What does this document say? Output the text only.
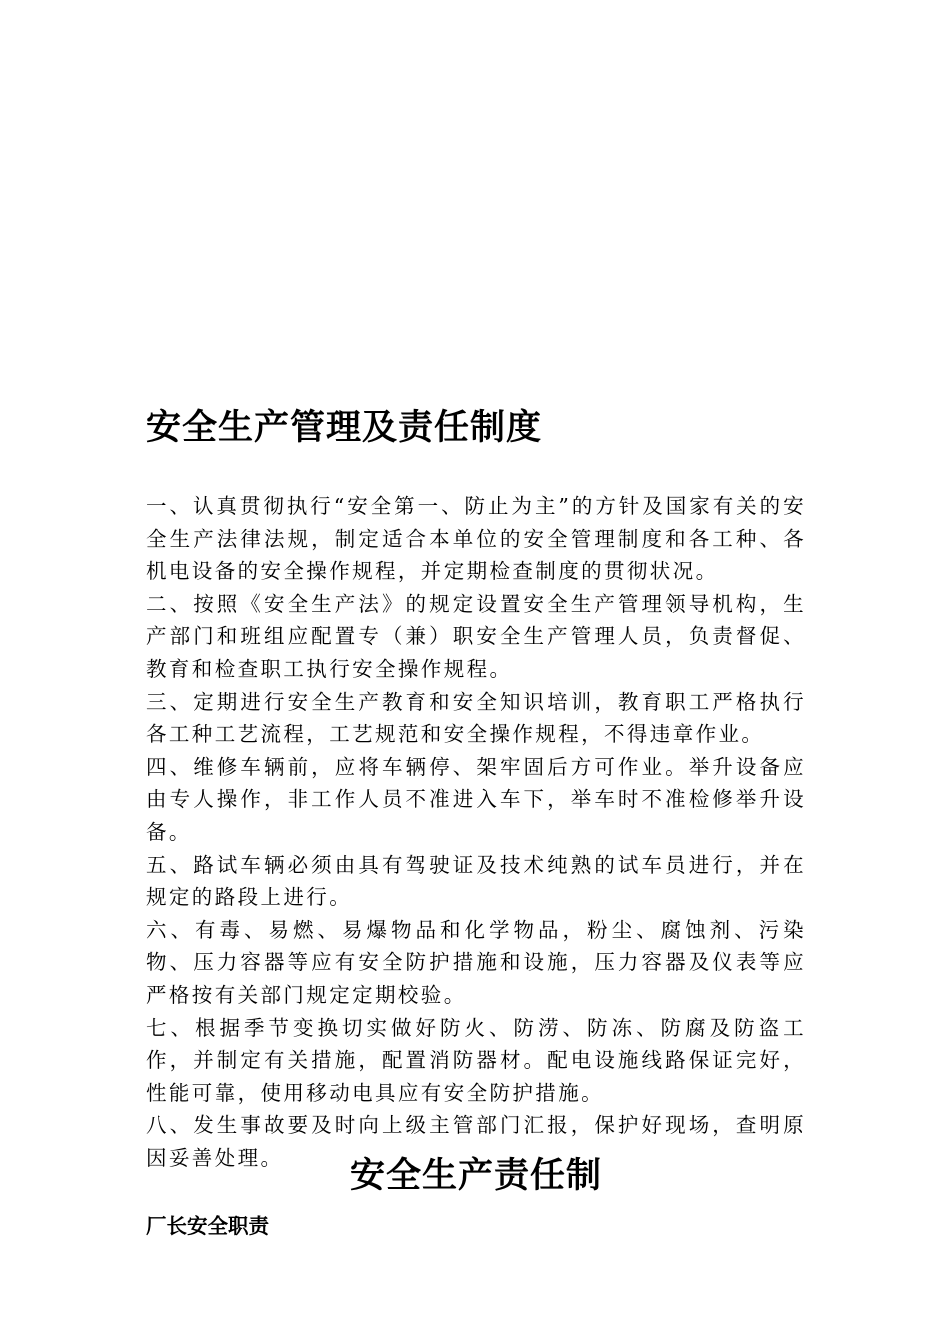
安全生产管理及责任制度

一、认真贯彻执行“安全第一、防止为主”的方针及国家有关的安全生产法律法规，制定适合本单位的安全管理制度和各工种、各机电设备的安全操作规程，并定期检查制度的贯彻状况。

二、按照《安全生产法》的规定设置安全生产管理领导机构，生产部门和班组应配置专（兼）职安全生产管理人员，负责督促、教育和检查职工执行安全操作规程。

三、定期进行安全生产教育和安全知识培训，教育职工严格执行各工种工艺流程，工艺规范和安全操作规程，不得违章作业。

四、维修车辆前，应将车辆停、架牢固后方可作业。举升设备应由专人操作，非工作人员不准进入车下，举车时不准检修举升设备。

五、路试车辆必须由具有驾驶证及技术纯熟的试车员进行，并在规定的路段上进行。

六、有毒、易燃、易爆物品和化学物品，粉尘、腐蚀剂、污染物、压力容器等应有安全防护措施和设施，压力容器及仪表等应严格按有关部门规定定期校验。

七、根据季节变换切实做好防火、防涝、防冻、防腐及防盗工作，并制定有关措施，配置消防器材。配电设施线路保证完好，性能可靠，使用移动电具应有安全防护措施。

八、发生事故要及时向上级主管部门汇报，保护好现场，查明原因妥善处理。	安全生产责任制
厂长安全职责
